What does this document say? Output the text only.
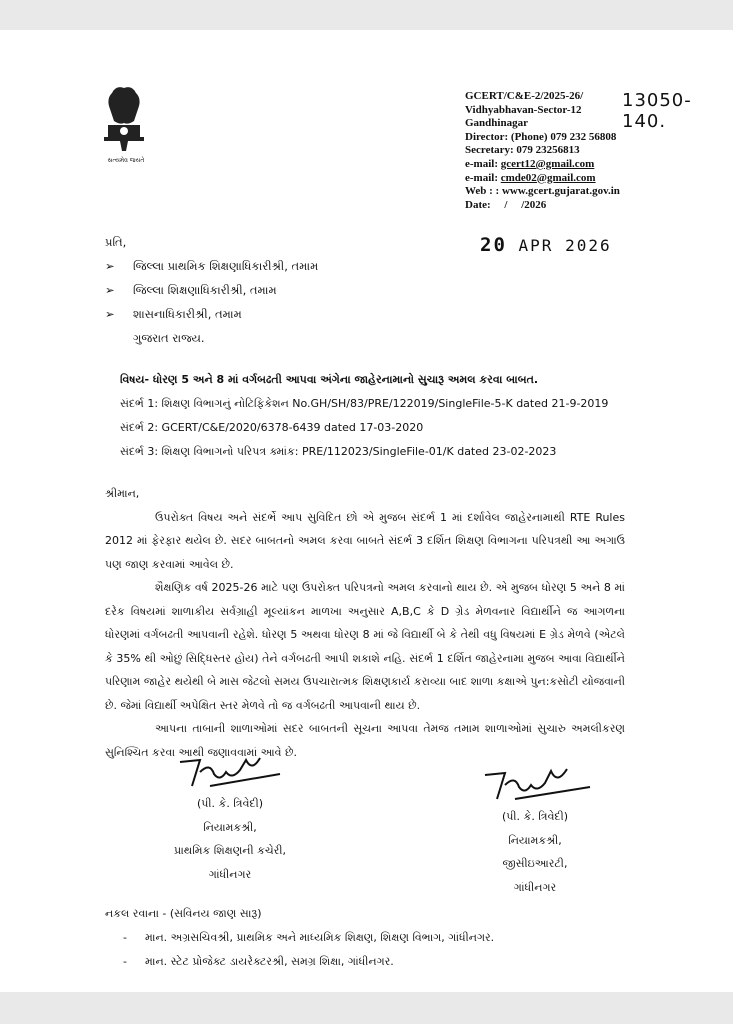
સત્યમેવ જયતે
GCERT/C&E-2/2025-26/
Vidhyabhavan-Sector-12
Gandhinagar
Director: (Phone) 079 232 56808
Secretary: 079 23256813
e-mail: gcert12@gmail.com
e-mail: cmde02@gmail.com
Web : : www.gcert.gujarat.gov.in
Date:     /     /2026
13050-140.
20 APR 2026
પ્રતિ,
➢ જિલ્લા પ્રાથમિક શિક્ષણાધિકારીશ્રી, તમામ
➢ જિલ્લા શિક્ષણાધિકારીશ્રી, તમામ
➢ શાસનાધિકારીશ્રી, તમામ
ગુજરાત રાજ્ય.
વિષય- ધોરણ 5 અને 8 માં વર્ગબઢતી આપવા અંગેના જાહેરનામાનો સુચારૂ અમલ કરવા બાબત.
સંદર્ભ 1: શિક્ષણ વિભાગનું નોટિફિકેશન No.GH/SH/83/PRE/122019/SingleFile-5-K dated 21-9-2019
સંદર્ભ 2: GCERT/C&E/2020/6378-6439 dated 17-03-2020
સંદર્ભ 3: શિક્ષણ વિભાગનો પરિપત્ર ક્માંક: PRE/112023/SingleFile-01/K dated 23-02-2023

શ્રીમાન,

ઉપરોક્ત વિષય અને સંદર્ભે આપ સુવિદિત છો એ મુજબ સંદર્ભ 1 માં દર્શાવેલ જાહેરનામાથી RTE Rules 2012 માં ફેરફાર થયેલ છે. સદર બાબતનો અમલ કરવા બાબતે સંદર્ભ 3 દર્શિત શિક્ષણ વિભાગના પરિપત્રથી આ અગાઉ પણ જાણ કરવામાં આવેલ છે.

શૈક્ષણિક વર્ષ 2025-26 માટે પણ ઉપરોક્ત પરિપત્રનો અમલ કરવાનો થાય છે. એ મુજબ ધોરણ 5 અને 8 માં દરેક વિષયમાં શાળાકીય સર્વગ્રાહી મૂલ્યાંકન માળખા અનુસાર A,B,C કે D ગ્રેડ મેળવનાર વિદ્યાર્થીને જ આગળના ધોરણમાં વર્ગબઢતી આપવાની રહેશે. ધોરણ 5 અથવા ધોરણ 8 માં જે વિદ્યાર્થી બે કે તેથી વધુ વિષયમાં E ગ્રેડ મેળવે (એટલે કે 35% થી ઓછું સિદ્ધિસ્તર હોય) તેને વર્ગબઢતી આપી શકાશે નહિ. સંદર્ભ 1 દર્શિત જાહેરનામા મુજબ આવા વિદ્યાર્થીને પરિણામ જાહેર થયેથી બે માસ જેટલો સમય ઉપચારાત્મક શિક્ષણકાર્ય કરાવ્યા બાદ શાળા કક્ષાએ પુન:કસોટી યોજવાની છે. જેમાં વિદ્યાર્થી અપેક્ષિત સ્તર મેળવે તો જ વર્ગબઢતી આપવાની થાય છે.

આપના તાબાની શાળાઓમાં સદર બાબતની સૂચના આપવા તેમજ તમામ શાળાઓમાં સુચારુ અમલીકરણ સુનિશ્ચિત કરવા આથી જણાવવામાં આવે છે.

(પી. કે. ત્રિવેદી)
નિયામકશ્રી,
પ્રાથમિક શિક્ષણની કચેરી,
ગાંધીનગર
(પી. કે. ત્રિવેદી)
નિયામકશ્રી,
જીસીઇઆરટી,
ગાંધીનગર
નકલ રવાના - (સવિનય જાણ સારૂ)
- માન. અગ્રસચિવશ્રી, પ્રાથમિક અને માધ્યમિક શિક્ષણ, શિક્ષણ વિભાગ, ગાંધીનગર.
- માન. સ્ટેટ પ્રોજેક્ટ ડાયરેક્ટરશ્રી, સમગ્ર શિક્ષા, ગાંધીનગર.
